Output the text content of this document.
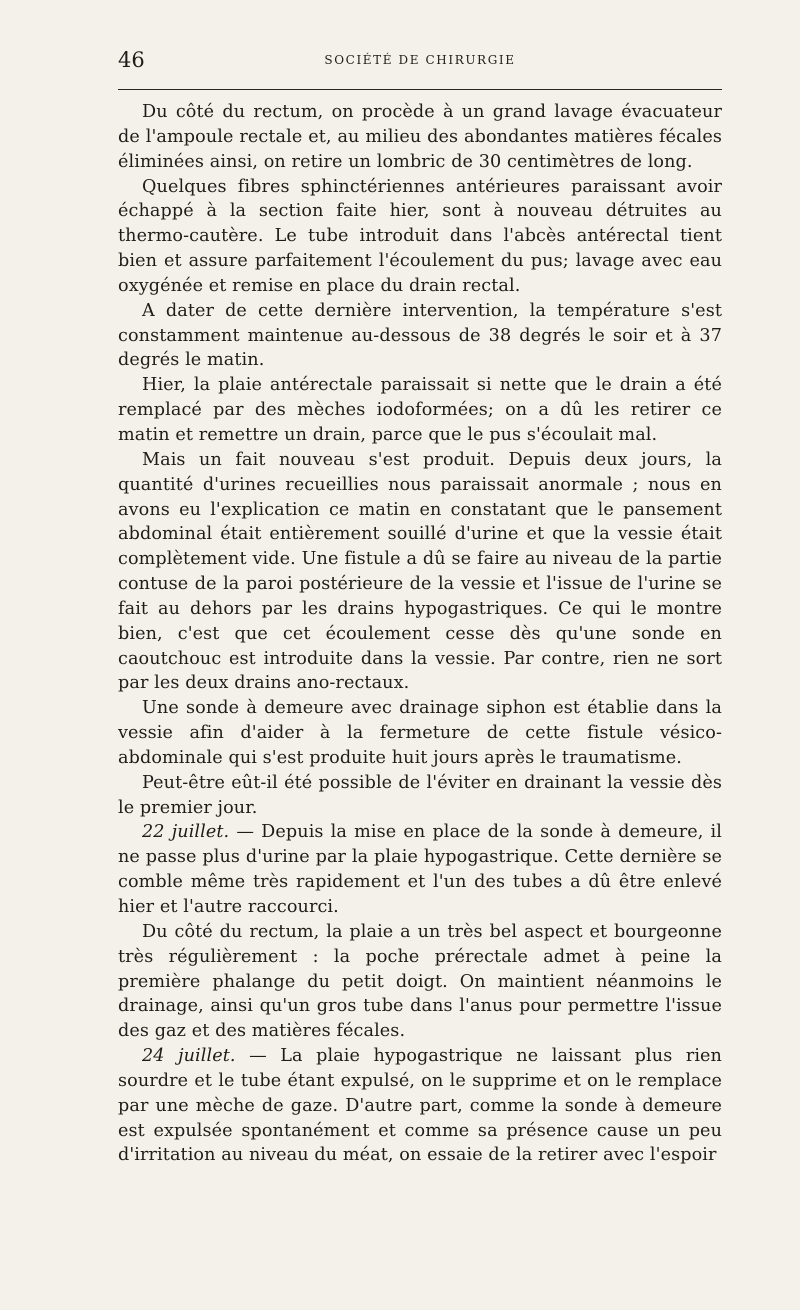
46	SOCIÉTÉ DE CHIRURGIE

Du côté du rectum, on procède à un grand lavage évacuateur de l'ampoule rectale et, au milieu des abondantes matières fécales éliminées ainsi, on retire un lombric de 30 centimètres de long.

Quelques fibres sphinctériennes antérieures paraissant avoir échappé à la section faite hier, sont à nouveau détruites au thermo-cautère. Le tube introduit dans l'abcès antérectal tient bien et assure parfaitement l'écoulement du pus; lavage avec eau oxygénée et remise en place du drain rectal.

A dater de cette dernière intervention, la température s'est constamment maintenue au-dessous de 38 degrés le soir et à 37 degrés le matin.

Hier, la plaie antérectale paraissait si nette que le drain a été remplacé par des mèches iodoformées; on a dû les retirer ce matin et remettre un drain, parce que le pus s'écoulait mal.

Mais un fait nouveau s'est produit. Depuis deux jours, la quantité d'urines recueillies nous paraissait anormale ; nous en avons eu l'explication ce matin en constatant que le pansement abdominal était entièrement souillé d'urine et que la vessie était complètement vide. Une fistule a dû se faire au niveau de la partie contuse de la paroi postérieure de la vessie et l'issue de l'urine se fait au dehors par les drains hypogastriques. Ce qui le montre bien, c'est que cet écoulement cesse dès qu'une sonde en caoutchouc est introduite dans la vessie. Par contre, rien ne sort par les deux drains ano-rectaux.

Une sonde à demeure avec drainage siphon est établie dans la vessie afin d'aider à la fermeture de cette fistule vésico-abdominale qui s'est produite huit jours après le traumatisme.

Peut-être eût-il été possible de l'éviter en drainant la vessie dès le premier jour.

22 juillet. — Depuis la mise en place de la sonde à demeure, il ne passe plus d'urine par la plaie hypogastrique. Cette dernière se comble même très rapidement et l'un des tubes a dû être enlevé hier et l'autre raccourci.

Du côté du rectum, la plaie a un très bel aspect et bourgeonne très régulièrement : la poche prérectale admet à peine la première phalange du petit doigt. On maintient néanmoins le drainage, ainsi qu'un gros tube dans l'anus pour permettre l'issue des gaz et des matières fécales.

24 juillet. — La plaie hypogastrique ne laissant plus rien sourdre et le tube étant expulsé, on le supprime et on le remplace par une mèche de gaze. D'autre part, comme la sonde à demeure est expulsée spontanément et comme sa présence cause un peu d'irritation au niveau du méat, on essaie de la retirer avec l'espoir
